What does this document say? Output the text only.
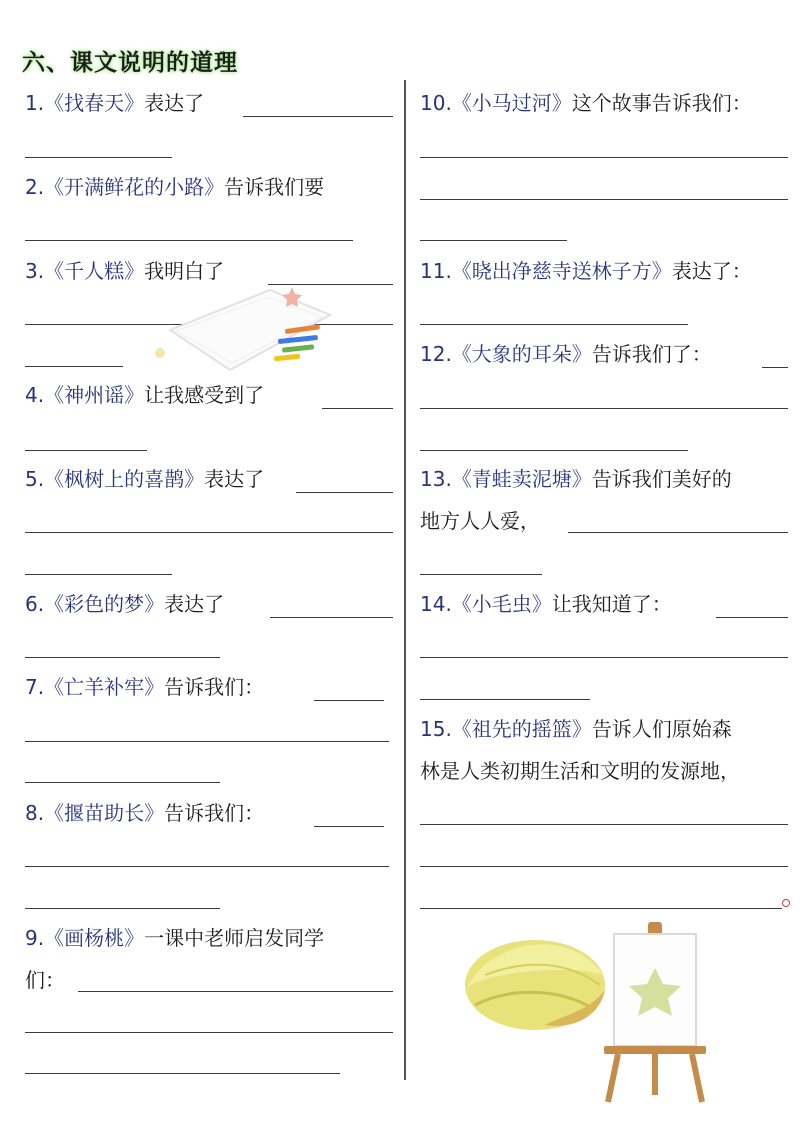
六、课文说明的道理
1.《找春天》表达了
2.《开满鲜花的小路》告诉我们要
3.《千人糕》我明白了
4.《神州谣》让我感受到了
5.《枫树上的喜鹊》表达了
6.《彩色的梦》表达了
7.《亡羊补牢》告诉我们：
8.《揠苗助长》告诉我们：
9.《画杨桃》一课中老师启发同学
们：
10.《小马过河》这个故事告诉我们：
11.《晓出净慈寺送林子方》表达了：
12.《大象的耳朵》告诉我们了：
13.《青蛙卖泥塘》告诉我们美好的
地方人人爱，
14.《小毛虫》让我知道了：
15.《祖先的摇篮》告诉人们原始森
林是人类初期生活和文明的发源地，
